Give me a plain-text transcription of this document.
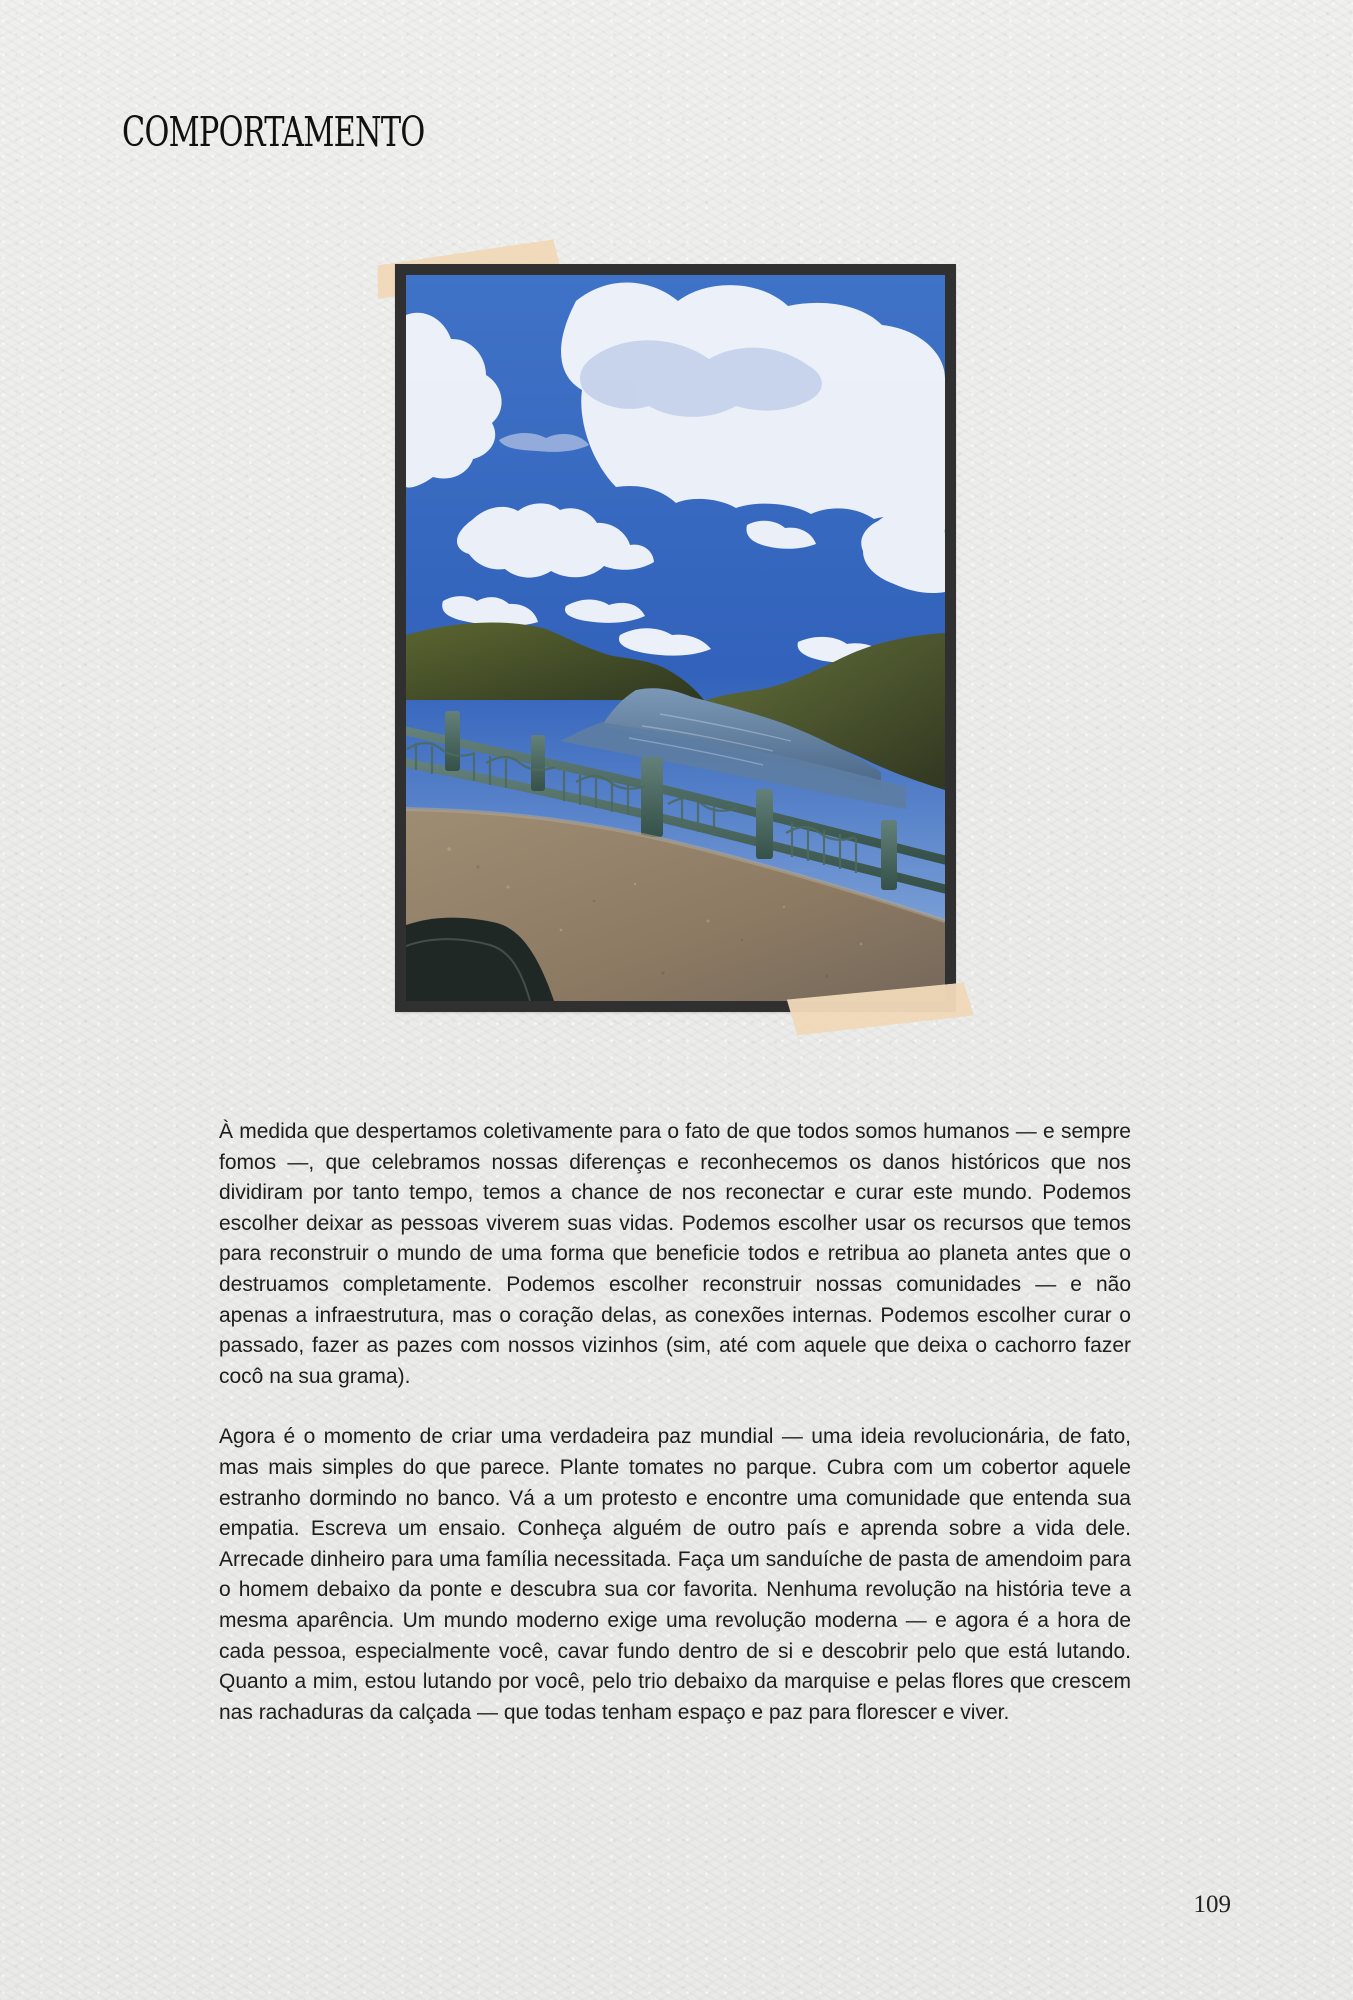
COMPORTAMENTO

À medida que despertamos coletivamente para o fato de que todos somos humanos — e sempre fomos —, que celebramos nossas diferenças e reconhecemos os danos históricos que nos dividiram por tanto tempo, temos a chance de nos reconectar e curar este mundo. Podemos escolher deixar as pessoas viverem suas vidas. Podemos escolher usar os recursos que temos para reconstruir o mundo de uma forma que beneficie todos e retribua ao planeta antes que o destruamos completamente. Podemos escolher reconstruir nossas comunidades — e não apenas a infraestrutura, mas o coração delas, as conexões internas. Podemos escolher curar o passado, fazer as pazes com nossos vizinhos (sim, até com aquele que deixa o cachorro fazer cocô na sua grama).

Agora é o momento de criar uma verdadeira paz mundial — uma ideia revolucionária, de fato, mas mais simples do que parece. Plante tomates no parque. Cubra com um cobertor aquele estranho dormindo no banco. Vá a um protesto e encontre uma comunidade que entenda sua empatia. Escreva um ensaio. Conheça alguém de outro país e aprenda sobre a vida dele. Arrecade dinheiro para uma família necessitada. Faça um sanduíche de pasta de amendoim para o homem debaixo da ponte e descubra sua cor favorita. Nenhuma revolução na história teve a mesma aparência. Um mundo moderno exige uma revolução moderna — e agora é a hora de cada pessoa, especialmente você, cavar fundo dentro de si e descobrir pelo que está lutando. Quanto a mim, estou lutando por você, pelo trio debaixo da marquise e pelas flores que crescem nas rachaduras da calçada — que todas tenham espaço e paz para florescer e viver.

109
